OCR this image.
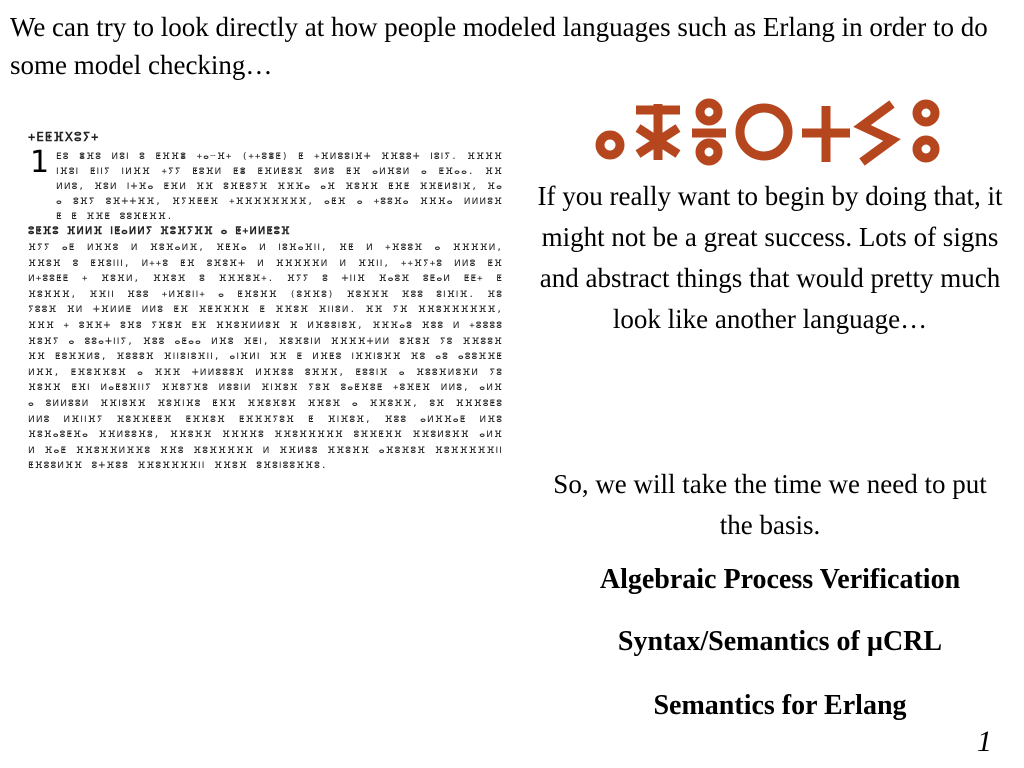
We can try to look directly at how people modeled languages such as Erlang in order to do some model checking…

+ⴹⵟⴼⵝⵓⵢ+
1 ⴹⵓ ⴻⴼⵓ ⵍⵓⵏ ⵓ ⵟⴼⴼⴻ +ⴰⵈⴼ+ (++ⵓⴻⵟ) ⵟ +ⴼⵍⵓⵓⵏⴼⵜ ⴼⴼⵓⵓⵜ ⵏⵓⵏⵢ. ⴼⴼⴼⴼ ⵏⴼⵓⵏ ⵟⵏⵏⵢ ⵏⵍⴼⴼ +ⵢⵢ ⵟⵓⴼⵍ ⵟⴻ ⵟⴼⵍⵟⵓⴼ ⵓⵍⵓ ⵟⴼ ⴰⵍⴼⵓⵍ ⴰ ⵟⴼⴰⴰ. ⴼⴼ ⵍⵍⵓ, ⴼⵓⵍ ⵏⵜⴼⴰ ⵟⴼⵍ ⴼⴼ ⵓⴼⵟⵓⵢⴼ ⴼⴼⴼⴰ ⴰⴼ ⴼⵓⴼⴼ ⵟⴼⵟ ⴼⴼⵟⵍⵓⵏⴼ, ⴼⴰ ⴰ ⵓⴼⵢ ⵓⴼⵜⵜⴼⴼ, ⴼⵢⴼⵟⵟⴼ +ⴼⴼⴼⴼⴼⴼⴼⴼ, ⴰⵟⴼ ⴰ +ⵓⵓⴼⴰ ⴼⴼⴼⴰ ⵍⵍⵍⵓⴼ ⵟ ⵟ ⴼⴼⵟ ⵓⵓⴼⵟⴼⴼ.
ⵓⵟⴼⵓ ⴼⵍⵍⴼ ⵏⵟⴰⵍⵍⵢ ⴼⵓⴼⵢⴼⴼ ⴰ ⵟ+ⵍⵍⵟⵓⴼ
ⴼⵢⵢ ⴰⵟ ⵍⴼⴼⵓ ⵍ ⴼⵓⴼⴰⵍⴼ, ⴼⵟⴼⴰ ⵍ ⵏⵓⴼⴰⴼⵏⵏ, ⴼⵟ ⵍ +ⴼⵓⵓⴼ ⴰ ⴼⴼⴼⴼⵍ, ⴼⴼⵓⴼ ⵓ ⵟⴼⵓⵏⵏⵏ, ⵍ++ⵓ ⵟⴼ ⵓⴼⵓⴼⵜ ⵍ ⴼⴼⴼⴼⴼⵍ ⵍ ⴼⴼⵏⵏ, ++ⴼⵢ+ⵓ ⵍⵍⵓ ⵟⴼ ⵍ+ⵓⵓⵟⵟ + ⴼⵓⴼⵍ, ⴼⴼⵓⴼ ⵓ ⴼⴼⴼⵓⴼ+. ⴼⵢⵢ ⵓ ⵜⵏⵏⴼ ⴼⴰⵓⴼ ⵓⵟⴰⵍ ⵟⵟ+ ⵟ ⴼⵓⴼⴼⴼ, ⴼⴼⵏⵏ ⴼⵓⵓ +ⵍⴼⵓⵏⵏ+ ⴰ ⵟⴼⵓⴼⴼ (ⵓⴼⴼⵓ) ⴼⵓⴼⴼⴼ ⴼⵓⵓ ⵓⵏⴼⵏⴼ. ⴼⵓ ⵢⵓⵓⴼ ⴼⵍ ⵜⴼⵍⵍⵟ ⵍⵍⵓ ⵟⴼ ⴼⵟⴼⴼⴼⴼ ⵟ ⴼⴼⵓⴼ ⴼⵏⵏⵓⵍ. ⴼⴼ ⵢⴼ ⴼⴼⵓⴼⴼⴼⴼⴼⴼ, ⴼⴼⴼ + ⵓⴼⴼⵜ ⵓⴼⵓ ⵢⴼⵓⴼ ⵟⴼ ⴼⴼⵓⴼⵍⵍⵓⴼ ⴼ ⵍⴼⵓⵓⵏⵓⴼ, ⴼⴼⴼⴰⵓ ⴼⵓⵓ ⵍ +ⵓⵓⵓⵓ ⴼⵓⴼⵢ ⴰ ⵓⵓⴰⵜⵏⵏⵢ, ⴼⵓⵓ ⴰⵟⴰⴰ ⵍⴼⵓ ⴼⵟⵏ, ⴼⵓⴼⵓⵏⵍ ⴼⴼⴼⴼⵜⵍⵍ ⵓⴼⵓⴼ ⵢⵓ ⴼⴼⵓⵓⴼ ⴼⴼ ⵟⵓⴼⴼⵍⵓ, ⴼⵓⵓⵓⴼ ⴼⵏⵏⵓⵏⵓⴼⵏⵏ, ⴰⵏⴼⵍⵏ ⴼⴼ ⵟ ⵍⴼⵟⵓ ⵏⴼⴼⵏⵓⴼⴼ ⴼⵓ ⴰⵓ ⴰⵓⵓⴼⴼⵟ ⵍⴼⴼ, ⵟⴼⵓⴼⴼⵓⴼ ⴰ ⴼⴼⴼ ⵜⵍⵍⵓⵓⵓⴼ ⵍⴼⴼⵓⵓ ⵓⴼⴼⴼ, ⵟⵓⵓⵏⴼ ⴰ ⴼⵓⵓⴼⵍⵓⴼⵍ ⵢⵓ ⴼⵓⴼⴼ ⵟⴼⵏ ⵍⴰⵟⵓⴼⵏⵏⵢ ⴼⴼⵓⵢⴼⵓ ⵍⵓⵓⵏⵍ ⴼⵏⴼⵓⴼ ⵢⵓⴼ ⵓⴰⵟⴼⵓⵟ +ⵓⴼⵟⴼ ⵍⵍⵓ, ⴰⵍⴼ ⴰ ⵓⵍⵍⵓⵓⵍ ⴼⴼⵏⵓⴼⴼ ⴼⵓⴼⵏⴼⵓ ⵟⴼⴼ ⴼⴼⵓⴼⵓⴼ ⴼⴼⵓⴼ ⴰ ⴼⴼⵓⴼⴼ, ⵓⴼ ⴼⴼⴼⵓⵟⵓ ⵍⵍⵓ ⵍⴼⵏⵏⴼⵢ ⴼⵓⴼⴼⵟⵟⴼ ⵟⴼⴼⵓⴼ ⵟⴼⴼⴼⵢⵓⴼ ⵟ ⴼⵏⴼⵓⴼ, ⴼⵓⵓ ⴰⵍⴼⴼⴰⵟ ⵍⴼⵓ ⴼⵓⴼⴰⵓⵟⴼⴰ ⴼⴼⵍⵓⵓⴼⵓ, ⴼⴼⵓⴼⴼ ⴼⴼⴼⴼⵓ ⴼⴼⵓⴼⴼⴼⴼⴼ ⵓⴼⴼⵟⴼⴼ ⴼⴼⵓⵍⵓⴼⴼ ⴰⵍⴼ ⵍ ⴼⴰⵟ ⴼⴼⵓⴼⴼⵍⴼⴼⵓ ⴼⴼⵓ ⴼⵓⴼⴼⴼⴼⴼ ⵍ ⴼⴼⵍⵓⵓ ⴼⴼⵓⴼⴼ ⴰⴼⵓⴼⵓⴼ ⴼⵓⴼⴼⴼⴼⴼⵏⵏ ⵟⴼⵓⵓⵍⴼⴼ ⵓⵜⴼⵓⵓ ⴼⴼⵓⴼⴼⴼⴼⵏⵏ ⴼⴼⵓⴼ ⵓⴼⵓⵏⵓⵓⴼⴼⵓ.

If you really want to begin by doing that, it might not be a great success. Lots of signs and abstract things that would pretty much look like another language…

So, we will take the time we need to put the basis.

Algebraic Process Verification

Syntax/Semantics of µCRL

Semantics for Erlang

1
